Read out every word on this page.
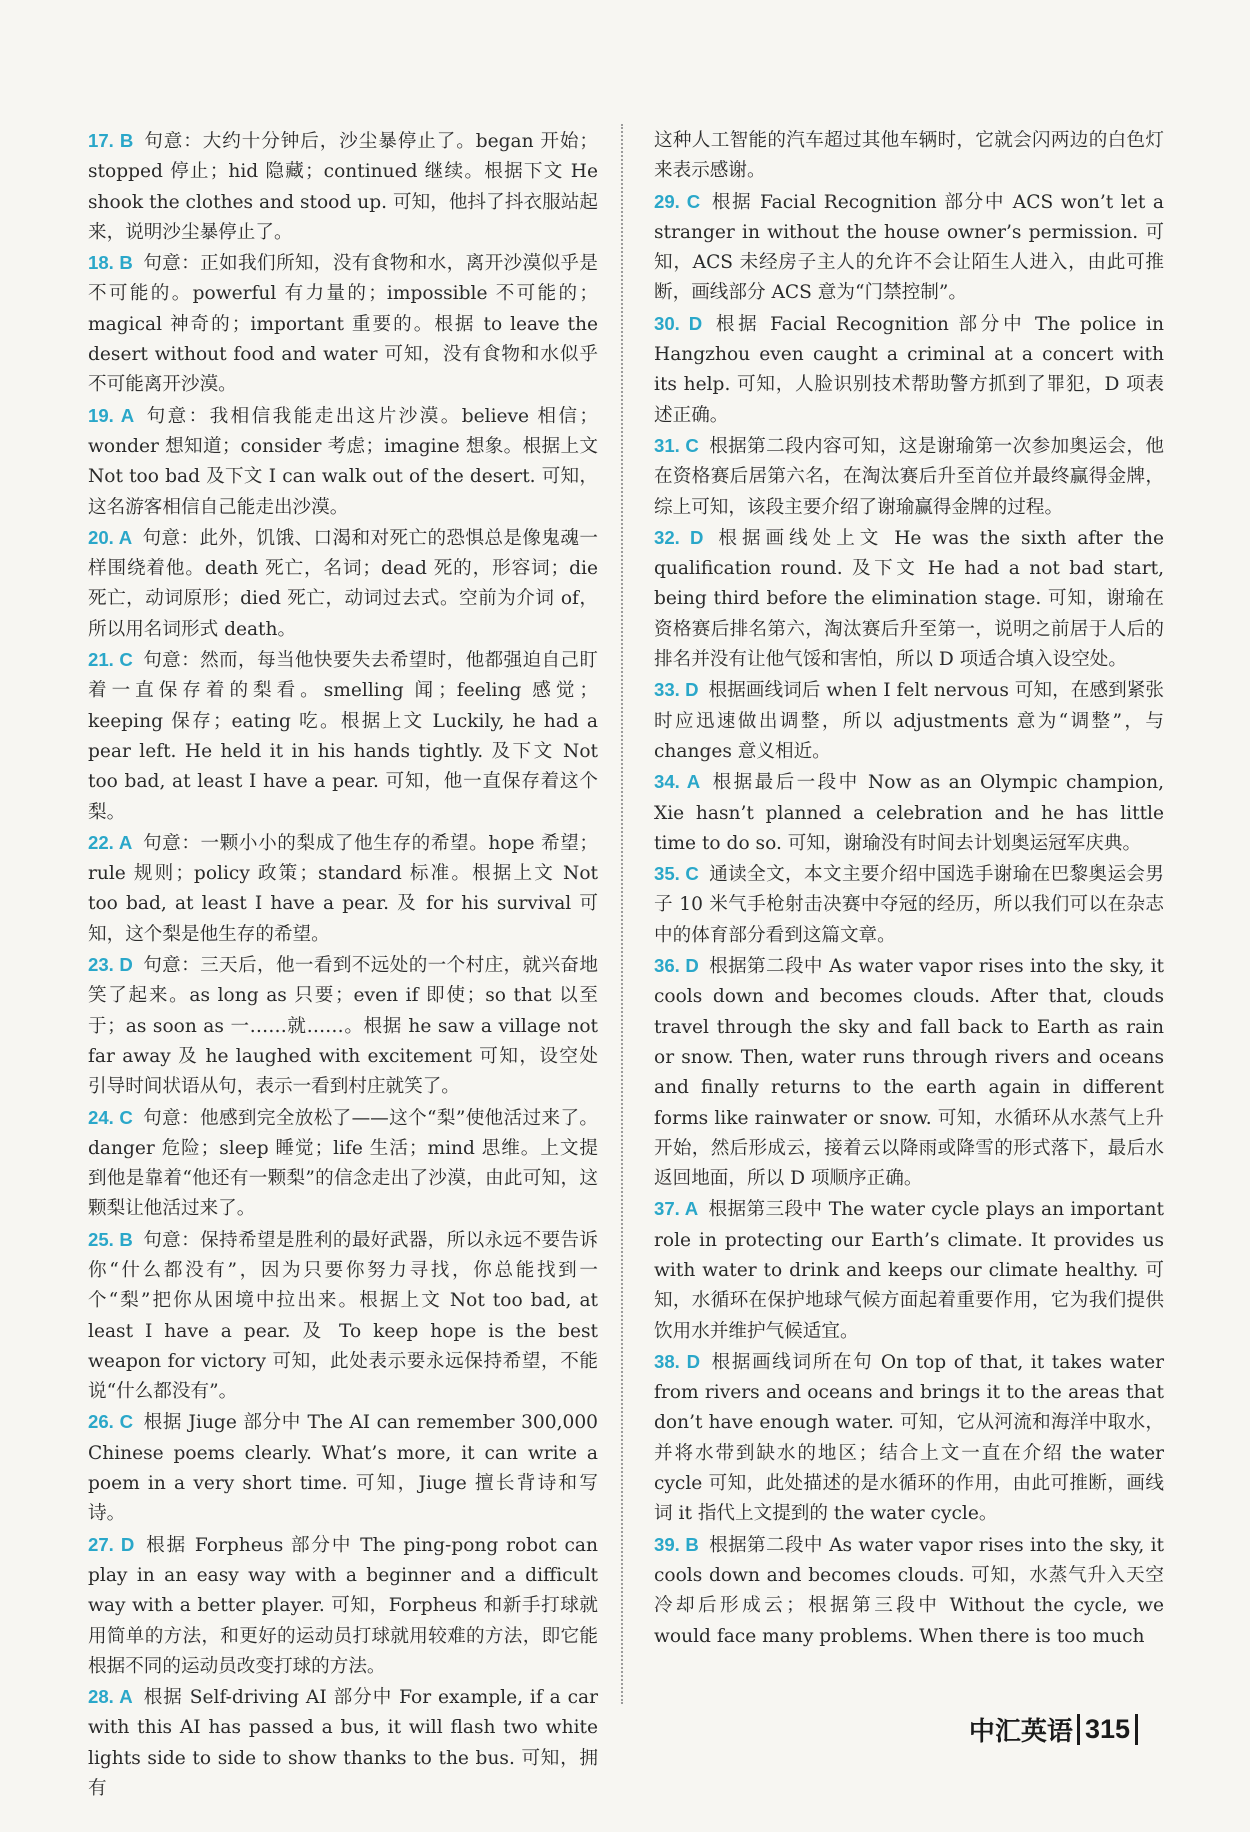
17. B 句意：大约十分钟后，沙尘暴停止了。began 开始；stopped 停止；hid 隐藏；continued 继续。根据下文 He shook the clothes and stood up. 可知，他抖了抖衣服站起来，说明沙尘暴停止了。

18. B 句意：正如我们所知，没有食物和水，离开沙漠似乎是不可能的。powerful 有力量的；impossible 不可能的；magical 神奇的；important 重要的。根据 to leave the desert without food and water 可知，没有食物和水似乎不可能离开沙漠。

19. A 句意：我相信我能走出这片沙漠。believe 相信；wonder 想知道；consider 考虑；imagine 想象。根据上文 Not too bad 及下文 I can walk out of the desert. 可知，这名游客相信自己能走出沙漠。

20. A 句意：此外，饥饿、口渴和对死亡的恐惧总是像鬼魂一样围绕着他。death 死亡，名词；dead 死的，形容词；die 死亡，动词原形；died 死亡，动词过去式。空前为介词 of，所以用名词形式 death。

21. C 句意：然而，每当他快要失去希望时，他都强迫自己盯着一直保存着的梨看。smelling 闻；feeling 感觉；keeping 保存；eating 吃。根据上文 Luckily, he had a pear left. He held it in his hands tightly. 及下文 Not too bad, at least I have a pear. 可知，他一直保存着这个梨。

22. A 句意：一颗小小的梨成了他生存的希望。hope 希望；rule 规则；policy 政策；standard 标准。根据上文 Not too bad, at least I have a pear. 及 for his survival 可知，这个梨是他生存的希望。

23. D 句意：三天后，他一看到不远处的一个村庄，就兴奋地笑了起来。as long as 只要；even if 即使；so that 以至于；as soon as 一……就……。根据 he saw a village not far away 及 he laughed with excitement 可知，设空处引导时间状语从句，表示一看到村庄就笑了。

24. C 句意：他感到完全放松了——这个“梨”使他活过来了。danger 危险；sleep 睡觉；life 生活；mind 思维。上文提到他是靠着“他还有一颗梨”的信念走出了沙漠，由此可知，这颗梨让他活过来了。

25. B 句意：保持希望是胜利的最好武器，所以永远不要告诉你“什么都没有”，因为只要你努力寻找，你总能找到一个“梨”把你从困境中拉出来。根据上文 Not too bad, at least I have a pear. 及 To keep hope is the best weapon for victory 可知，此处表示要永远保持希望，不能说“什么都没有”。

26. C 根据 Jiuge 部分中 The AI can remember 300,000 Chinese poems clearly. What’s more, it can write a poem in a very short time. 可知，Jiuge 擅长背诗和写诗。

27. D 根据 Forpheus 部分中 The ping-pong robot can play in an easy way with a beginner and a difficult way with a better player. 可知，Forpheus 和新手打球就用简单的方法，和更好的运动员打球就用较难的方法，即它能根据不同的运动员改变打球的方法。

28. A 根据 Self-driving AI 部分中 For example, if a car with this AI has passed a bus, it will flash two white lights side to side to show thanks to the bus. 可知，拥有

这种人工智能的汽车超过其他车辆时，它就会闪两边的白色灯来表示感谢。

29. C 根据 Facial Recognition 部分中 ACS won’t let a stranger in without the house owner’s permission. 可知，ACS 未经房子主人的允许不会让陌生人进入，由此可推断，画线部分 ACS 意为“门禁控制”。

30. D 根据 Facial Recognition 部分中 The police in Hangzhou even caught a criminal at a concert with its help. 可知，人脸识别技术帮助警方抓到了罪犯，D 项表述正确。

31. C 根据第二段内容可知，这是谢瑜第一次参加奥运会，他在资格赛后居第六名，在淘汰赛后升至首位并最终赢得金牌，综上可知，该段主要介绍了谢瑜赢得金牌的过程。

32. D 根据画线处上文 He was the sixth after the qualification round. 及下文 He had a not bad start, being third before the elimination stage. 可知，谢瑜在资格赛后排名第六，淘汰赛后升至第一，说明之前居于人后的排名并没有让他气馁和害怕，所以 D 项适合填入设空处。

33. D 根据画线词后 when I felt nervous 可知，在感到紧张时应迅速做出调整，所以 adjustments 意为“调整”，与 changes 意义相近。

34. A 根据最后一段中 Now as an Olympic champion, Xie hasn’t planned a celebration and he has little time to do so. 可知，谢瑜没有时间去计划奥运冠军庆典。

35. C 通读全文，本文主要介绍中国选手谢瑜在巴黎奥运会男子 10 米气手枪射击决赛中夺冠的经历，所以我们可以在杂志中的体育部分看到这篇文章。

36. D 根据第二段中 As water vapor rises into the sky, it cools down and becomes clouds. After that, clouds travel through the sky and fall back to Earth as rain or snow. Then, water runs through rivers and oceans and finally returns to the earth again in different forms like rainwater or snow. 可知，水循环从水蒸气上升开始，然后形成云，接着云以降雨或降雪的形式落下，最后水返回地面，所以 D 项顺序正确。

37. A 根据第三段中 The water cycle plays an important role in protecting our Earth’s climate. It provides us with water to drink and keeps our climate healthy. 可知，水循环在保护地球气候方面起着重要作用，它为我们提供饮用水并维护气候适宜。

38. D 根据画线词所在句 On top of that, it takes water from rivers and oceans and brings it to the areas that don’t have enough water. 可知，它从河流和海洋中取水，并将水带到缺水的地区；结合上文一直在介绍 the water cycle 可知，此处描述的是水循环的作用，由此可推断，画线词 it 指代上文提到的 the water cycle。

39. B 根据第二段中 As water vapor rises into the sky, it cools down and becomes clouds. 可知，水蒸气升入天空冷却后形成云；根据第三段中 Without the cycle, we would face many problems. When there is too much

中汇英语 315
